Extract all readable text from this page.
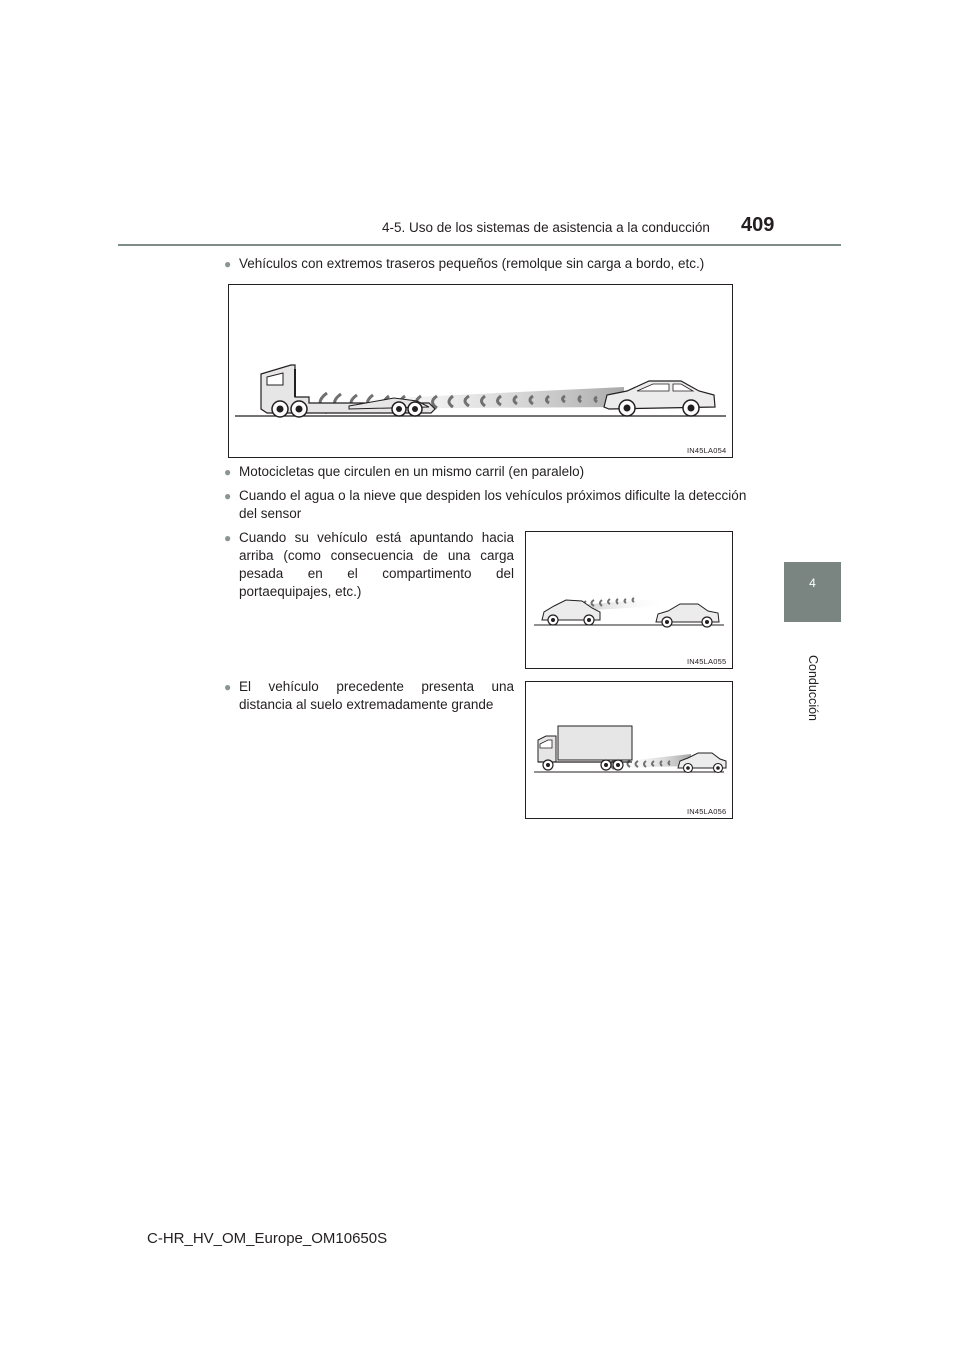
4-5. Uso de los sistemas de asistencia a la conducción 409
4
Conducción
● Vehículos con extremos traseros pequeños (remolque sin carga a bordo, etc.)
IN45LA054
● Motocicletas que circulen en un mismo carril (en paralelo)
● Cuando el agua o la nieve que despiden los vehículos próximos dificulte la detección
del sensor
● Cuando su vehículo está apuntando hacia
arriba (como consecuencia de una carga
pesada en el compartimento del
portaequipajes, etc.)
IN45LA055
● El vehículo precedente presenta una
distancia al suelo extremadamente grande
IN45LA056
C-HR_HV_OM_Europe_OM10650S
